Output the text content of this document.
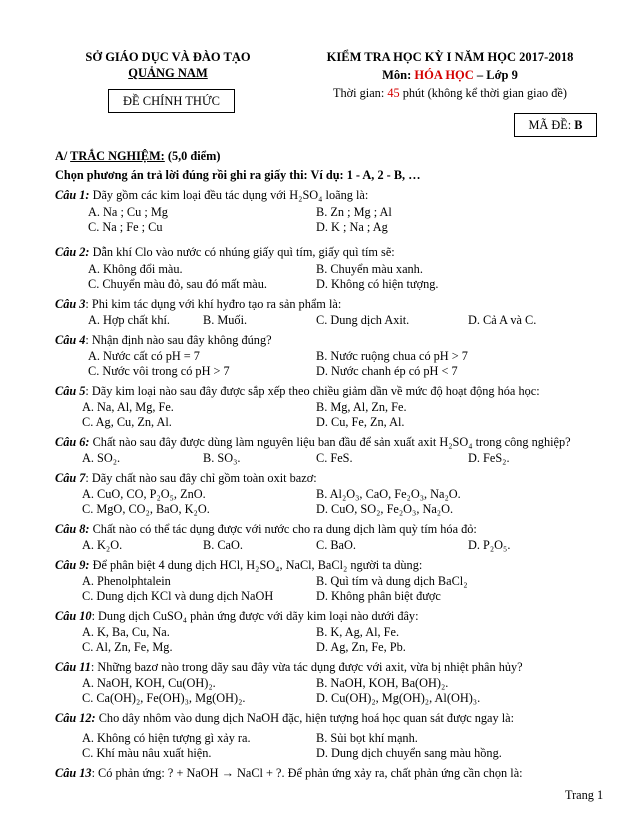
SỞ GIÁO DỤC VÀ ĐÀO TẠO
QUẢNG NAM
ĐỀ CHÍNH THỨC
KIỂM TRA HỌC KỲ I NĂM HỌC 2017-2018
Môn: HÓA HỌC – Lớp 9
Thời gian: 45 phút (không kể thời gian giao đề)
MÃ ĐỀ: B
A/ TRẮC NGHIỆM: (5,0 điểm)
Chọn phương án trả lời đúng rồi ghi ra giấy thi: Ví dụ: 1 - A, 2 - B, …
Câu 1: Dãy gồm các kim loại đều tác dụng với H₂SO₄ loãng là:
A. Na ; Cu ; Mg	B. Zn ; Mg ; Al
C. Na ; Fe ; Cu	D. K ; Na ; Ag
Câu 2: Dẫn khí Clo vào nước có nhúng giấy quì tím, giấy quì tím sẽ:
A. Không đổi màu.	B. Chuyển màu xanh.
C. Chuyển màu đỏ, sau đó mất màu.	D. Không có hiện tượng.
Câu 3: Phi kim tác dụng với khí hyđro tạo ra sản phẩm là:
A. Hợp chất khí.	B. Muối.	C. Dung dịch Axit.	D. Cả A và C.
Câu 4: Nhận định nào sau đây không đúng?
A. Nước cất có pH = 7	B. Nước ruộng chua có pH > 7
C. Nước vôi trong có pH > 7	D. Nước chanh ép có pH < 7
Câu 5: Dãy kim loại nào sau đây được sắp xếp theo chiều giảm dần về mức độ hoạt động hóa học:
A. Na, Al, Mg, Fe.	B. Mg, Al, Zn, Fe.
C. Ag, Cu, Zn, Al.	D. Cu, Fe, Zn, Al.
Câu 6: Chất nào sau đây được dùng làm nguyên liệu ban đầu để sản xuất axit H₂SO₄ trong công nghiệp?
A. SO₂.	B. SO₃.	C. FeS.	D. FeS₂.
Câu 7: Dãy chất nào sau đây chỉ gồm toàn oxit bazơ:
A. CuO, CO, P₂O₅, ZnO.	B. Al₂O₃, CaO, Fe₂O₃, Na₂O.
C. MgO, CO₂, BaO, K₂O.	D. CuO, SO₂, Fe₂O₃, Na₂O.
Câu 8: Chất nào có thể tác dụng được với nước cho ra dung dịch làm quỳ tím hóa đỏ:
A. K₂O.	B. CaO.	C. BaO.	D. P₂O₅.
Câu 9: Để phân biệt 4 dung dịch HCl, H₂SO₄, NaCl, BaCl₂ người ta dùng:
A. Phenolphtalein	B. Quì tím và dung dịch BaCl₂
C. Dung dịch KCl và dung dịch NaOH	D. Không phân biệt được
Câu 10: Dung dịch CuSO₄ phản ứng được với dãy kim loại nào dưới đây:
A. K, Ba, Cu, Na.	B. K, Ag, Al, Fe.
C. Al, Zn, Fe, Mg.	D. Ag, Zn, Fe, Pb.
Câu 11: Những bazơ nào trong dãy sau đây vừa tác dụng được với axit, vừa bị nhiệt phân hủy?
A. NaOH, KOH, Cu(OH)₂.	B. NaOH, KOH, Ba(OH)₂.
C. Ca(OH)₂, Fe(OH)₃, Mg(OH)₂.	D. Cu(OH)₂, Mg(OH)₂, Al(OH)₃.
Câu 12: Cho dây nhôm vào dung dịch NaOH đặc, hiện tượng hoá học quan sát được ngay là:
A. Không có hiện tượng gì xảy ra.	B. Sủi bọt khí mạnh.
C. Khí màu nâu xuất hiện.	D. Dung dịch chuyển sang màu hồng.
Câu 13: Có phản ứng: ? + NaOH → NaCl + ?. Để phản ứng xảy ra, chất phản ứng cần chọn là:
Trang 1
